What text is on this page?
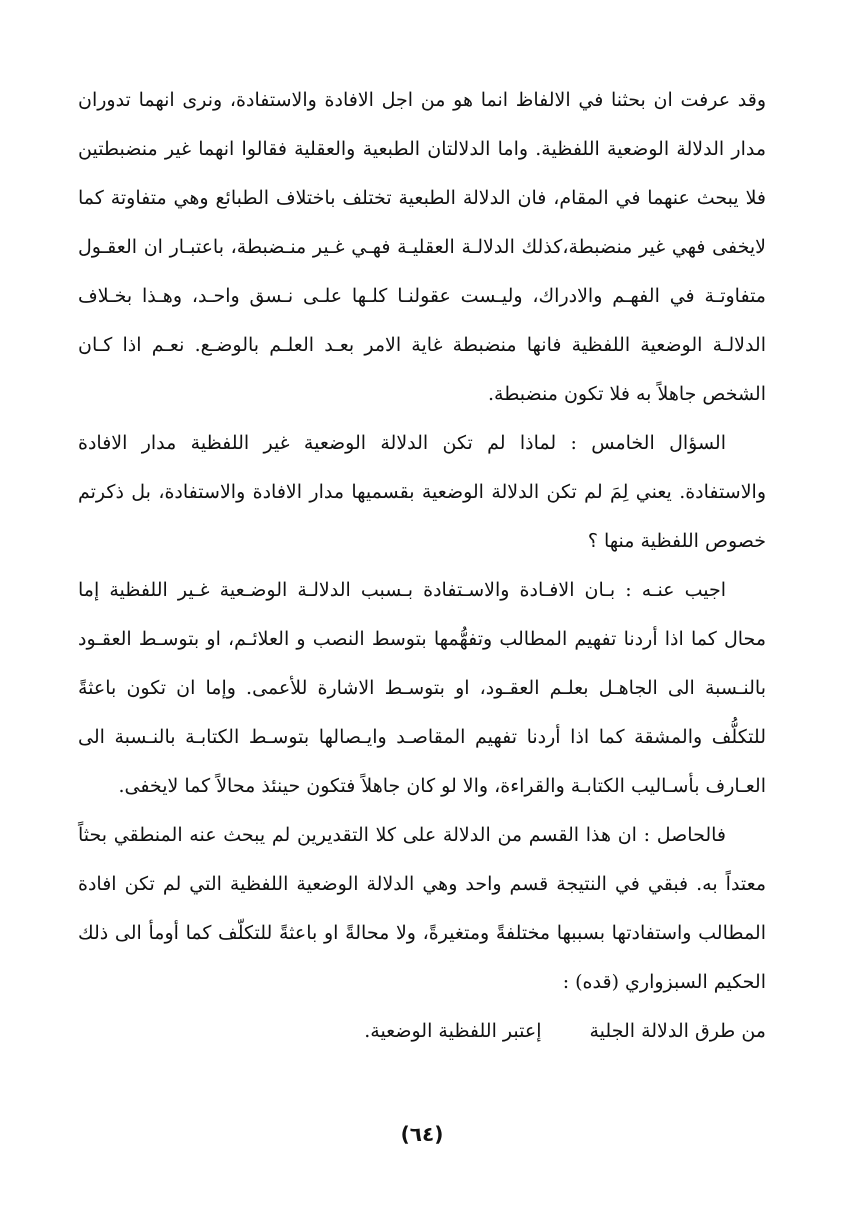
وقد عرفت ان بحثنا في الالفاظ انما هو من اجل الافادة والاستفادة، ونرى انهما تدوران مدار الدلالة الوضعية اللفظية. واما الدلالتان الطبعية والعقلية فقالوا انهما غير منضبطتين فلا يبحث عنهما في المقام، فان الدلالة الطبعية تختلف باختلاف الطبائع وهي متفاوتة كما لايخفى فهي غير منضبطة،كذلك الدلالـة العقليـة فهـي غـير منـضبطة، باعتبـار ان العقـول متفاوتـة في الفهـم والادراك، وليـست عقولنـا كلـها علـى نـسق واحـد، وهـذا بخـلاف الدلالـة الوضعية اللفظية فانها منضبطة غاية الامر بعـد العلـم بالوضـع. نعـم اذا كـان الشخص جاهلاً به فلا تكون منضبطة.

السؤال الخامس : لماذا لم تكن الدلالة الوضعية غير اللفظية مدار الافادة والاستفادة. يعني لِمَ لم تكن الدلالة الوضعية بقسميها مدار الافادة والاستفادة، بل ذكرتم خصوص اللفظية منها ؟

اجيب عنـه : بـان الافـادة والاسـتفادة بـسبب الدلالـة الوضـعية غـير اللفظية إما محال كما اذا أردنا تفهيم المطالب وتفهُّمها بتوسط النصب و العلائـم، او بتوسـط العقـود بالنـسبة الى الجاهـل بعلـم العقـود، او بتوسـط الاشارة للأعمى. وإما ان تكون باعثةً للتكلُّف والمشقة كما اذا أردنا تفهيم المقاصـد وايـصالها بتوسـط الكتابـة بالنـسبة الى العـارف بأسـاليب الكتابـة والقراءة، والا لو كان جاهلاً فتكون حينئذ محالاً كما لايخفى.

فالحاصل : ان هذا القسم من الدلالة على كلا التقديرين لم يبحث عنه المنطقي بحثاً معتداً به. فبقي في النتيجة قسم واحد وهي الدلالة الوضعية اللفظية التي لم تكن افادة المطالب واستفادتها بسببها مختلفةً ومتغيرةً، ولا محالةً او باعثةً للتكلّف كما أومأ الى ذلك الحكيم السبزواري (قده) :

من طرق الدلالة الجليةإعتبر اللفظية الوضعية.
(٦٤)
